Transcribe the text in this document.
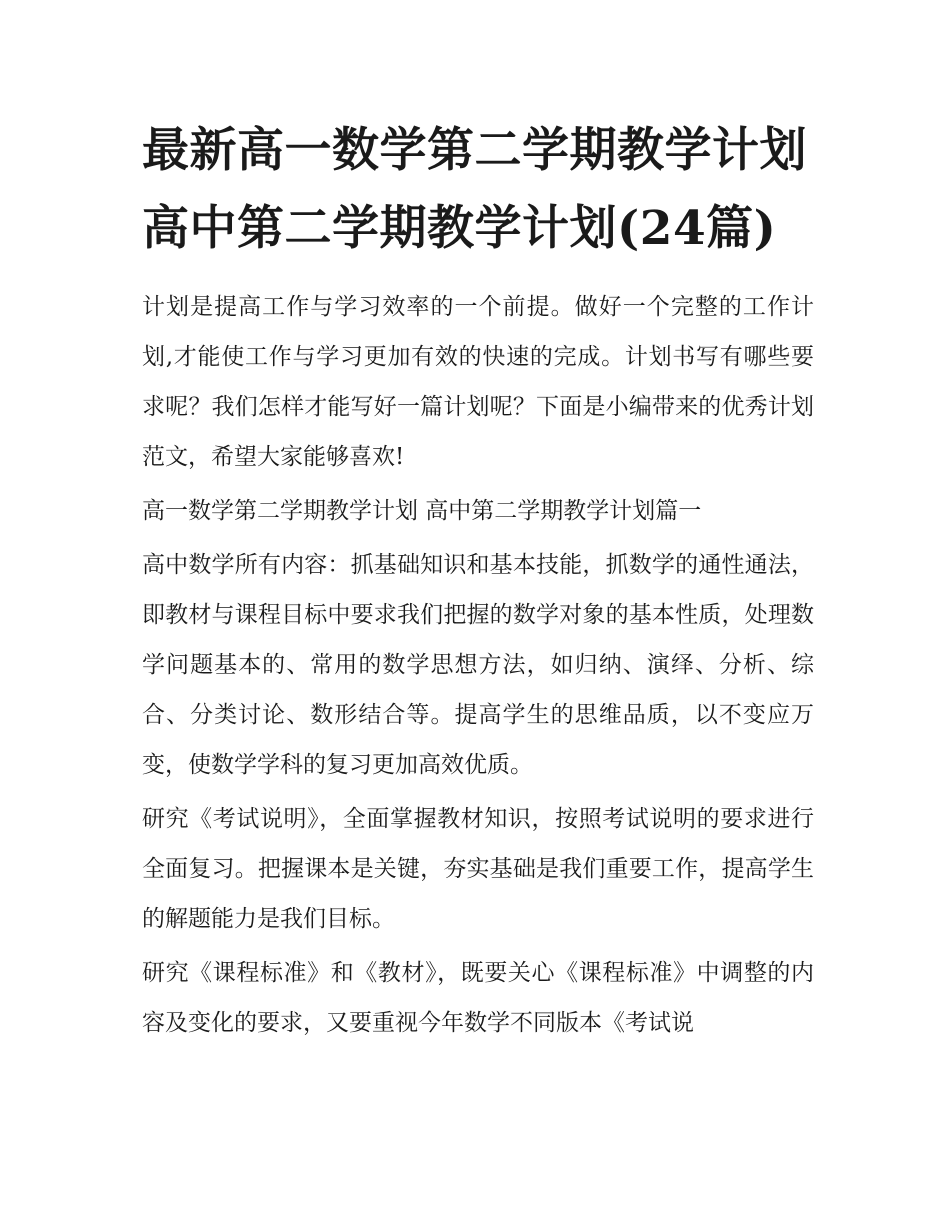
最新高一数学第二学期教学计划 高中第二学期教学计划(24篇)

计划是提高工作与学习效率的一个前提。做好一个完整的工作计划,才能使工作与学习更加有效的快速的完成。计划书写有哪些要求呢？我们怎样才能写好一篇计划呢？下面是小编带来的优秀计划范文，希望大家能够喜欢!

高一数学第二学期教学计划 高中第二学期教学计划篇一

高中数学所有内容：抓基础知识和基本技能，抓数学的通性通法，即教材与课程目标中要求我们把握的数学对象的基本性质，处理数学问题基本的、常用的数学思想方法，如归纳、演绎、分析、综合、分类讨论、数形结合等。提高学生的思维品质，以不变应万变，使数学学科的复习更加高效优质。

研究《考试说明》，全面掌握教材知识，按照考试说明的要求进行全面复习。把握课本是关键，夯实基础是我们重要工作，提高学生的解题能力是我们目标。

研究《课程标准》和《教材》，既要关心《课程标准》中调整的内容及变化的要求，又要重视今年数学不同版本《考试说
